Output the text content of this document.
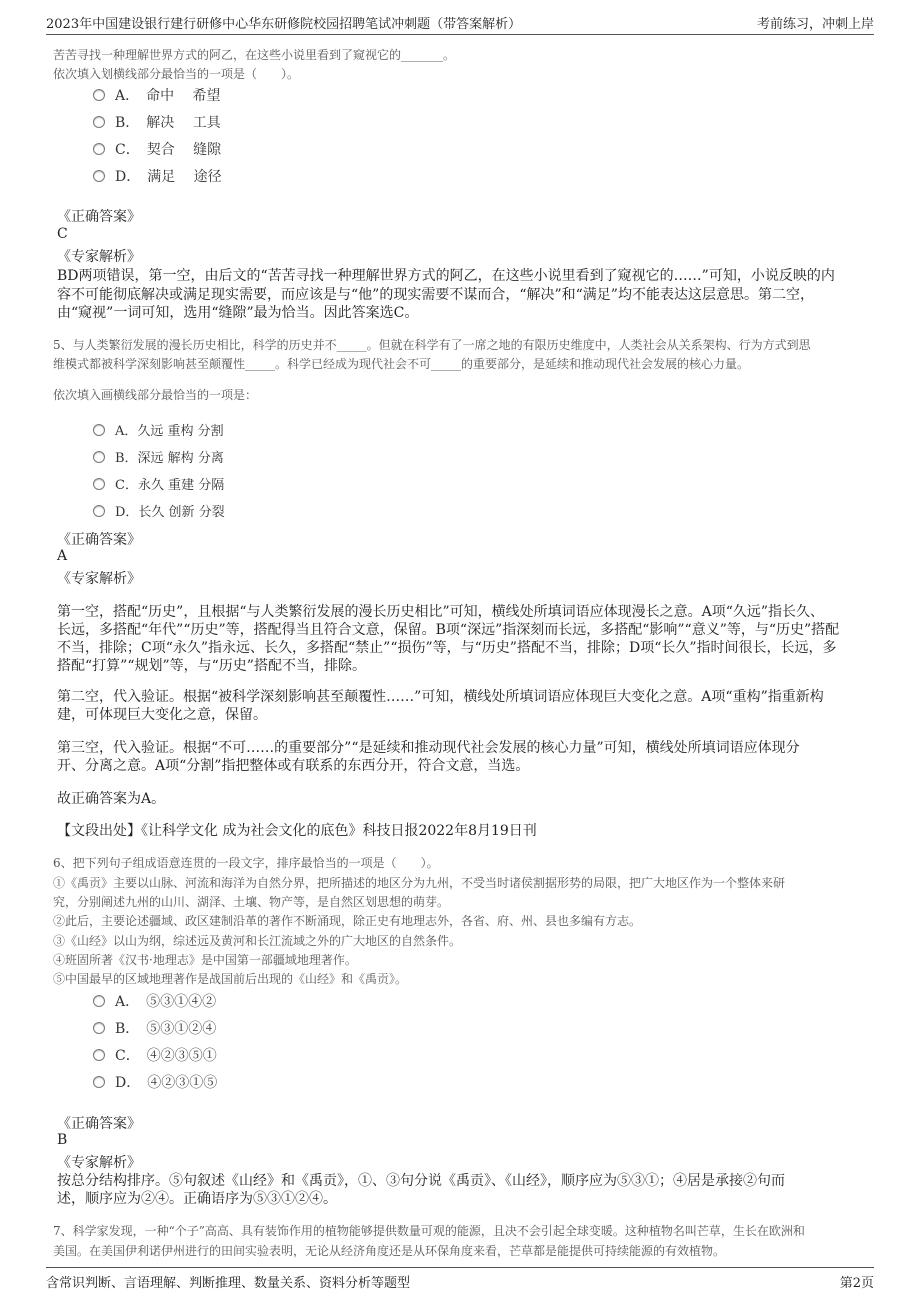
2023年中国建设银行建行研修中心华东研修院校园招聘笔试冲刺题（带答案解析）	考前练习，冲刺上岸
苦苦寻找一种理解世界方式的阿乙，在这些小说里看到了窥视它的_______。
依次填入划横线部分最恰当的一项是（　　）。
A．　命中　 希望
B．　解决　 工具
C．　契合　 缝隙
D．　满足　 途径
《正确答案》
C
《专家解析》
BD两项错误，第一空，由后文的“苦苦寻找一种理解世界方式的阿乙，在这些小说里看到了窥视它的……”可知，小说反映的内
容不可能彻底解决或满足现实需要，而应该是与“他”的现实需要不谋而合，“解决”和“满足”均不能表达这层意思。第二空，
由“窥视”一词可知，选用“缝隙”最为恰当。因此答案选C。
5、与人类繁衍发展的漫长历史相比，科学的历史并不_____。但就在科学有了一席之地的有限历史维度中，人类社会从关系架构、行为方式到思
维模式都被科学深刻影响甚至颠覆性_____。科学已经成为现代社会不可_____的重要部分，是延续和推动现代社会发展的核心力量。
依次填入画横线部分最恰当的一项是：
A．久远 重构 分割
B．深远 解构 分离
C．永久 重建 分隔
D．长久 创新 分裂
《正确答案》
A
《专家解析》
第一空，搭配“历史”，且根据“与人类繁衍发展的漫长历史相比”可知，横线处所填词语应体现漫长之意。A项“久远”指长久、
长远，多搭配“年代”“历史”等，搭配得当且符合文意，保留。B项“深远”指深刻而长远，多搭配“影响”“意义”等，与“历史”搭配
不当，排除；C项“永久”指永远、长久，多搭配“禁止”“损伤”等，与“历史”搭配不当，排除；D项“长久”指时间很长，长远，多
搭配“打算”“规划”等，与“历史”搭配不当，排除。
第二空，代入验证。根据“被科学深刻影响甚至颠覆性……”可知，横线处所填词语应体现巨大变化之意。A项“重构”指重新构
建，可体现巨大变化之意，保留。
第三空，代入验证。根据“不可……的重要部分”“是延续和推动现代社会发展的核心力量”可知，横线处所填词语应体现分
开、分离之意。A项“分割”指把整体或有联系的东西分开，符合文意，当选。
故正确答案为A。
【文段出处】《让科学文化 成为社会文化的底色》科技日报2022年8月19日刊
6、把下列句子组成语意连贯的一段文字，排序最恰当的一项是（　　）。
①《禹贡》主要以山脉、河流和海洋为自然分界，把所描述的地区分为九州，不受当时诸侯割据形势的局限，把广大地区作为一个整体来研
究，分别阐述九州的山川、湖泽、土壤、物产等，是自然区划思想的萌芽。
②此后，主要论述疆域、政区建制沿革的著作不断涌现，除正史有地理志外，各省、府、州、县也多编有方志。
③《山经》以山为纲，综述远及黄河和长江流域之外的广大地区的自然条件。
④班固所著《汉书·地理志》是中国第一部疆域地理著作。
⑤中国最早的区域地理著作是战国前后出现的《山经》和《禹贡》。
A．　⑤③①④②
B．　⑤③①②④
C．　④②③⑤①
D．　④②③①⑤
《正确答案》
B
《专家解析》
按总分结构排序。⑤句叙述《山经》和《禹贡》，①、③句分说《禹贡》、《山经》，顺序应为⑤③①；④居是承接②句而
述，顺序应为②④。正确语序为⑤③①②④。
7、科学家发现，一种“个子”高高、具有装饰作用的植物能够提供数量可观的能源，且决不会引起全球变暖。这种植物名叫芒草，生长在欧洲和
美国。在美国伊利诺伊州进行的田间实验表明，无论从经济角度还是从环保角度来看，芒草都是能提供可持续能源的有效植物。
含常识判断、言语理解、判断推理、数量关系、资料分析等题型	第2页
